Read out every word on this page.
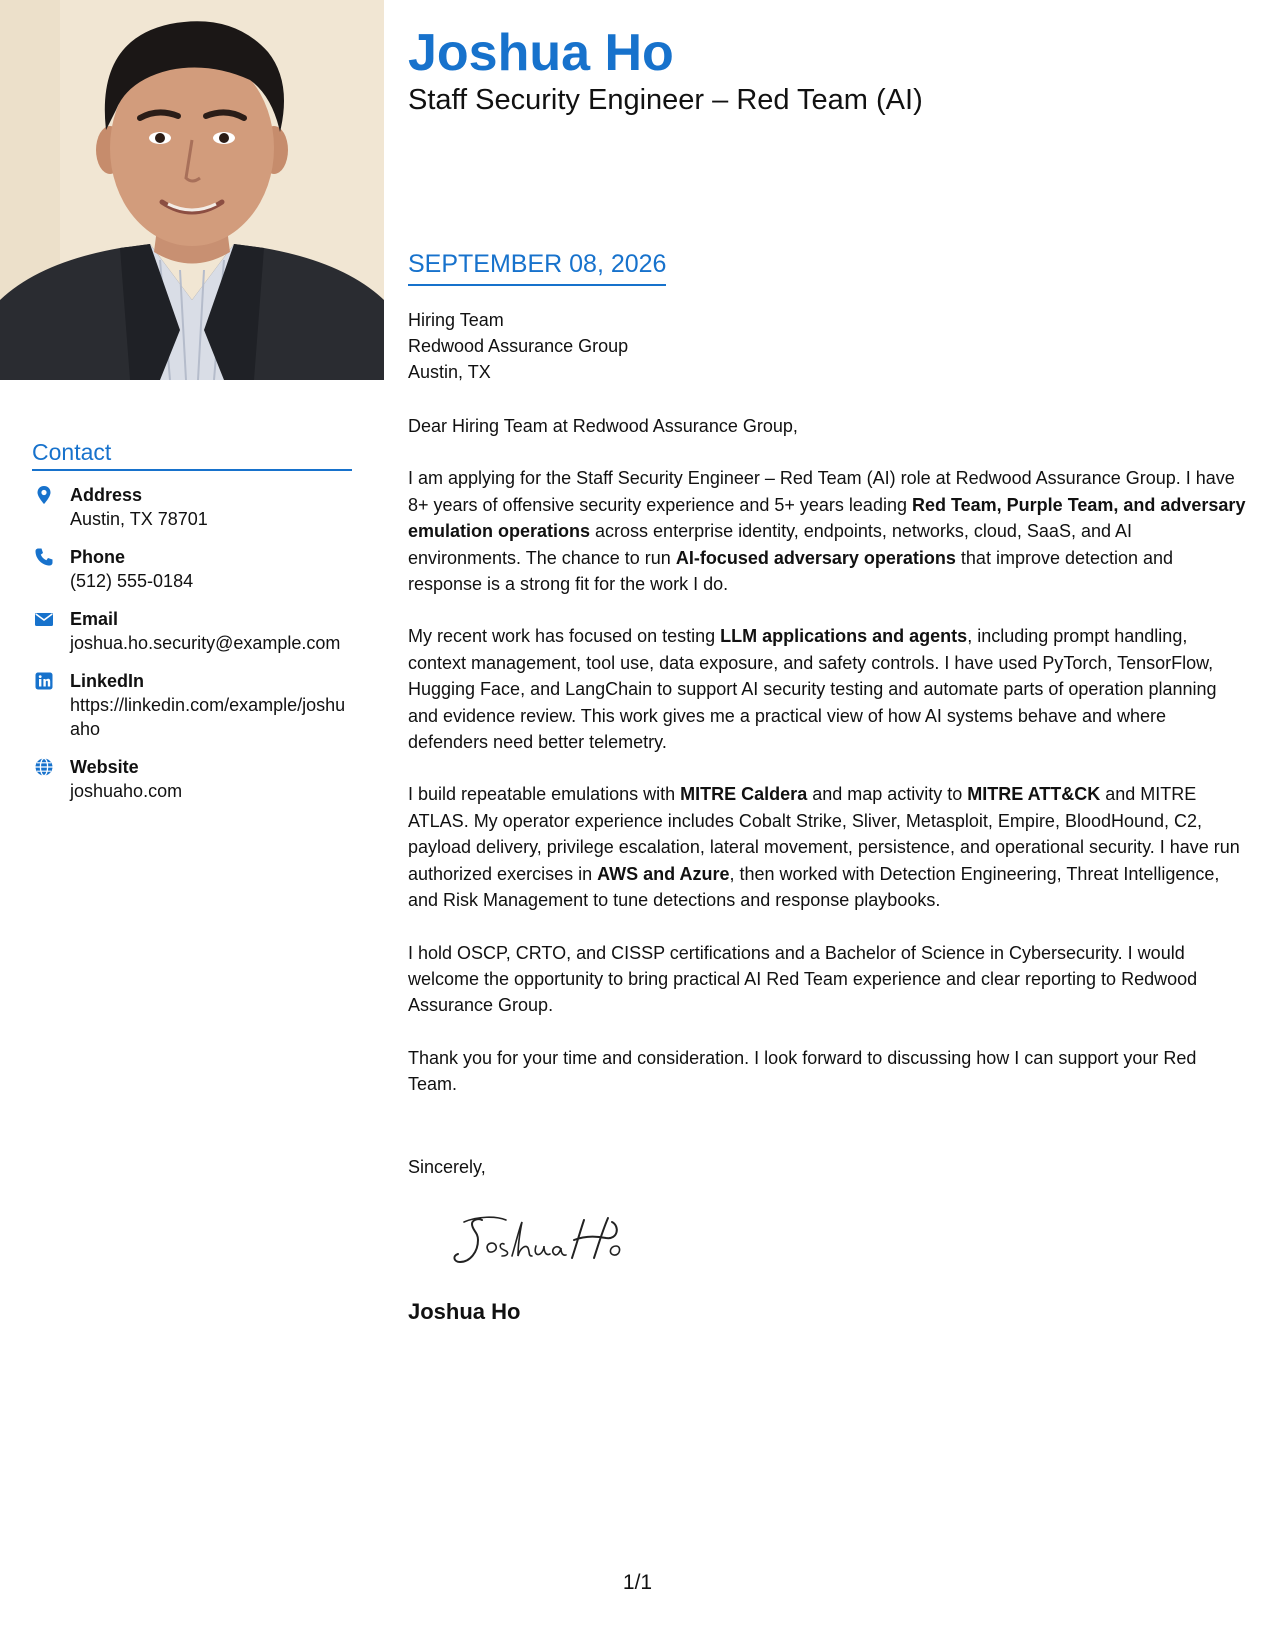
Contact
Address
Austin, TX 78701
Phone
(512) 555-0184
Email
joshua.ho.security@example.com
LinkedIn
https://linkedin.com/example/joshuaho
Website
joshuaho.com
Joshua Ho
Staff Security Engineer – Red Team (AI)
SEPTEMBER 08, 2026
Hiring Team
Redwood Assurance Group
Austin, TX

Dear Hiring Team at Redwood Assurance Group,

I am applying for the Staff Security Engineer – Red Team (AI) role at Redwood Assurance Group. I have 8+ years of offensive security experience and 5+ years leading Red Team, Purple Team, and adversary emulation operations across enterprise identity, endpoints, networks, cloud, SaaS, and AI environments. The chance to run AI-focused adversary operations that improve detection and response is a strong fit for the work I do.

My recent work has focused on testing LLM applications and agents, including prompt handling, context management, tool use, data exposure, and safety controls. I have used PyTorch, TensorFlow, Hugging Face, and LangChain to support AI security testing and automate parts of operation planning and evidence review. This work gives me a practical view of how AI systems behave and where defenders need better telemetry.

I build repeatable emulations with MITRE Caldera and map activity to MITRE ATT&CK and MITRE ATLAS. My operator experience includes Cobalt Strike, Sliver, Metasploit, Empire, BloodHound, C2, payload delivery, privilege escalation, lateral movement, persistence, and operational security. I have run authorized exercises in AWS and Azure, then worked with Detection Engineering, Threat Intelligence, and Risk Management to tune detections and response playbooks.

I hold OSCP, CRTO, and CISSP certifications and a Bachelor of Science in Cybersecurity. I would welcome the opportunity to bring practical AI Red Team experience and clear reporting to Redwood Assurance Group.

Thank you for your time and consideration. I look forward to discussing how I can support your Red Team.

Sincerely,
Joshua Ho
1/1
